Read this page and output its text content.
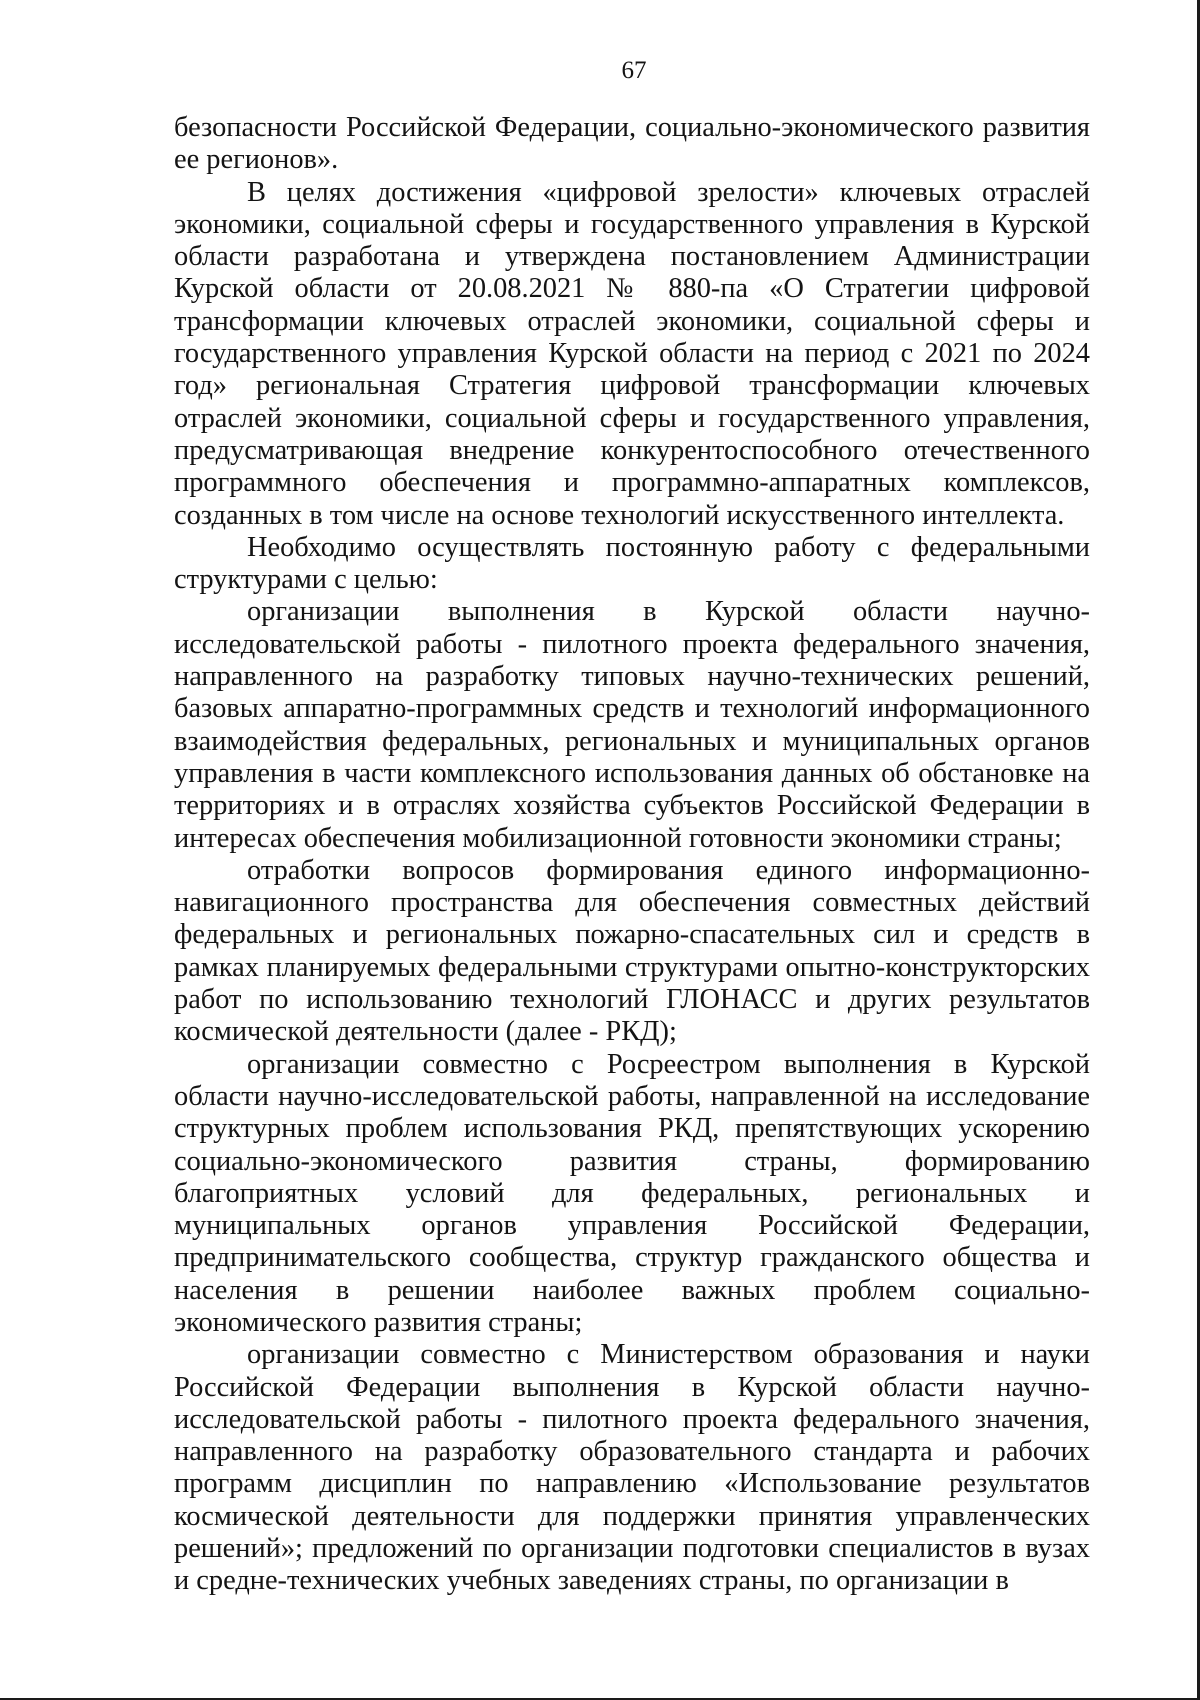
67

безопасности Российской Федерации, социально-экономического развития ее регионов».

В целях достижения «цифровой зрелости» ключевых отраслей экономики, социальной сферы и государственного управления в Курской области разработана и утверждена постановлением Администрации Курской области от 20.08.2021 № 880-па «О Стратегии цифровой трансформации ключевых отраслей экономики, социальной сферы и государственного управления Курской области на период с 2021 по 2024 год» региональная Стратегия цифровой трансформации ключевых отраслей экономики, социальной сферы и государственного управления, предусматривающая внедрение конкурентоспособного отечественного программного обеспечения и программно-аппаратных комплексов, созданных в том числе на основе технологий искусственного интеллекта.

Необходимо осуществлять постоянную работу с федеральными структурами с целью:

организации выполнения в Курской области научно-исследовательской работы - пилотного проекта федерального значения, направленного на разработку типовых научно-технических решений, базовых аппаратно-программных средств и технологий информационного взаимодействия федеральных, региональных и муниципальных органов управления в части комплексного использования данных об обстановке на территориях и в отраслях хозяйства субъектов Российской Федерации в интересах обеспечения мобилизационной готовности экономики страны;

отработки вопросов формирования единого информационно-навигационного пространства для обеспечения совместных действий федеральных и региональных пожарно-спасательных сил и средств в рамках планируемых федеральными структурами опытно-конструкторских работ по использованию технологий ГЛОНАСС и других результатов космической деятельности (далее - РКД);

организации совместно с Росреестром выполнения в Курской области научно-исследовательской работы, направленной на исследование структурных проблем использования РКД, препятствующих ускорению социально-экономического развития страны, формированию благоприятных условий для федеральных, региональных и муниципальных органов управления Российской Федерации, предпринимательского сообщества, структур гражданского общества и населения в решении наиболее важных проблем социально-экономического развития страны;

организации совместно с Министерством образования и науки Российской Федерации выполнения в Курской области научно-исследовательской работы - пилотного проекта федерального значения, направленного на разработку образовательного стандарта и рабочих программ дисциплин по направлению «Использование результатов космической деятельности для поддержки принятия управленческих решений»; предложений по организации подготовки специалистов в вузах и средне-технических учебных заведениях страны, по организации в
